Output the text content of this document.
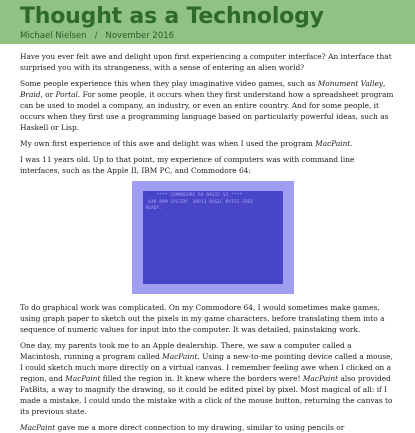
Thought as a Technology
Michael Nielsen / November 2016

Have you ever felt awe and delight upon first experiencing a computer interface? An interface that surprised you with its strangeness, with a sense of entering an alien world?

Some people experience this when they play imaginative video games, such as Monument Valley, Braid, or Portal. For some people, it occurs when they first understand how a spreadsheet program can be used to model a company, an industry, or even an entire country. And for some people, it occurs when they first use a programming language based on particularly powerful ideas, such as Haskell or Lisp.

My own first experience of this awe and delight was when I used the program MacPaint.

I was 11 years old. Up to that point, my experience of computers was with command line interfaces, such as the Apple II, IBM PC, and Commodore 64:

**** COMMODORE 64 BASIC V2 ****
64K RAM SYSTEM  38911 BASIC BYTES FREE
READY.

To do graphical work was complicated. On my Commodore 64, I would sometimes make games, using graph paper to sketch out the pixels in my game characters, before translating them into a sequence of numeric values for input into the computer. It was detailed, painstaking work.

One day, my parents took me to an Apple dealership. There, we saw a computer called a Macintosh, running a program called MacPaint. Using a new-to-me pointing device called a mouse, I could sketch much more directly on a virtual canvas. I remember feeling awe when I clicked on a region, and MacPaint filled the region in. It knew where the borders were! MacPaint also provided FatBits, a way to magnify the drawing, so it could be edited pixel by pixel. Most magical of all: if I made a mistake, I could undo the mistake with a click of the mouse button, returning the canvas to its previous state.

MacPaint gave me a more direct connection to my drawing, similar to using pencils or
